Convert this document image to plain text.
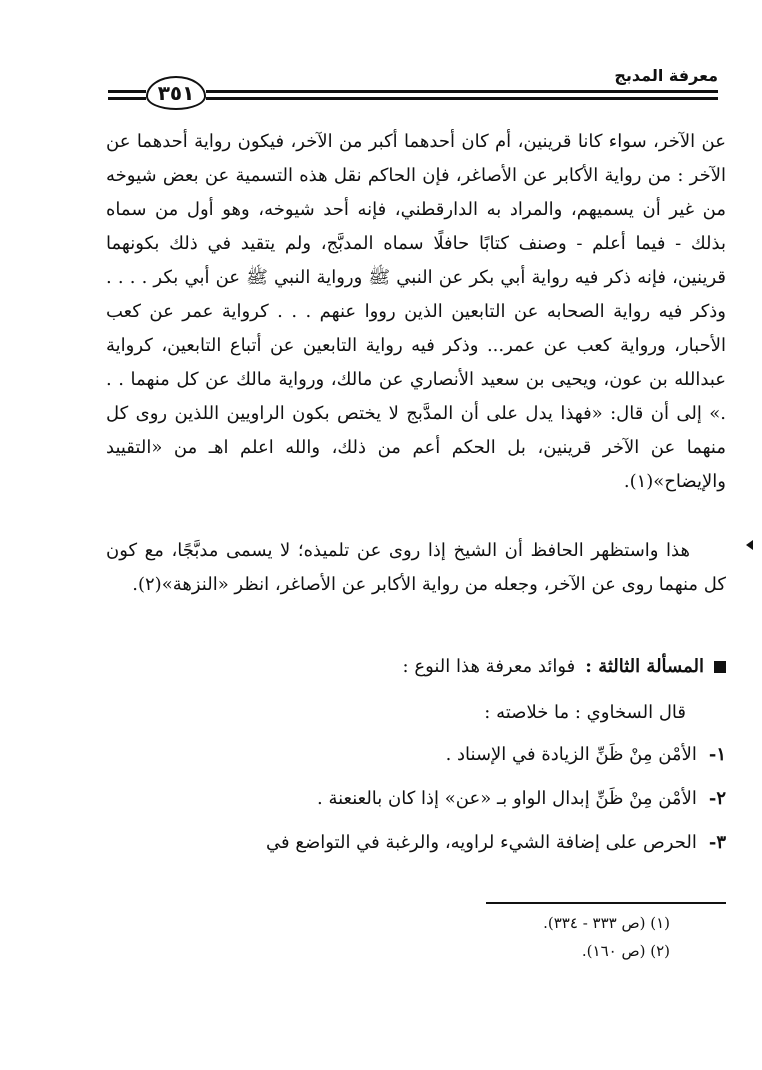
٣٥١
معرفة المدبج
عن الآخر، سواء كانا قرينين، أم كان أحدهما أكبر من الآخر، فيكون رواية أحدهما عن الآخر : من رواية الأكابر عن الأصاغر، فإن الحاكم نقل هذه التسمية عن بعض شيوخه من غير أن يسميهم، والمراد به الدارقطني، فإنه أحد شيوخه، وهو أول من سماه بذلك - فيما أعلم - وصنف كتابًا حافلًا سماه المدبَّج، ولم يتقيد في ذلك بكونهما قرينين، فإنه ذكر فيه رواية أبي بكر عن النبي ﷺ ورواية النبي ﷺ عن أبي بكر . . . . وذكر فيه رواية الصحابه عن التابعين الذين رووا عنهم . . . كرواية عمر عن كعب الأحبار، ورواية كعب عن عمر... وذكر فيه رواية التابعين عن أتباع التابعين، كرواية عبدالله بن عون، ويحيى بن سعيد الأنصاري عن مالك، ورواية مالك عن كل منهما . . .» إلى أن قال: «فهذا يدل على أن المدَّبج لا يختص بكون الراويين اللذين روى كل منهما عن الآخر قرينين، بل الحكم أعم من ذلك، والله اعلم اهـ من «التقييد والإيضاح»(١).
هذا واستظهر الحافظ أن الشيخ إذا روى عن تلميذه؛ لا يسمى مدبَّجًا، مع كون كل منهما روى عن الآخر، وجعله من رواية الأكابر عن الأصاغر، انظر «النزهة»(٢).
المسألة الثالثة :
فوائد معرفة هذا النوع :
قال السخاوي : ما خلاصته :
١-
الأمْن مِنْ ظَنِّ الزيادة في الإسناد .
٢-
الأمْن مِنْ ظَنِّ إبدال الواو بـ «عن» إذا كان بالعنعنة .
٣-
الحرص على إضافة الشيء لراويه، والرغبة في التواضع في
(١) (ص ٣٣٣ - ٣٣٤).
(٢) (ص ١٦٠).
